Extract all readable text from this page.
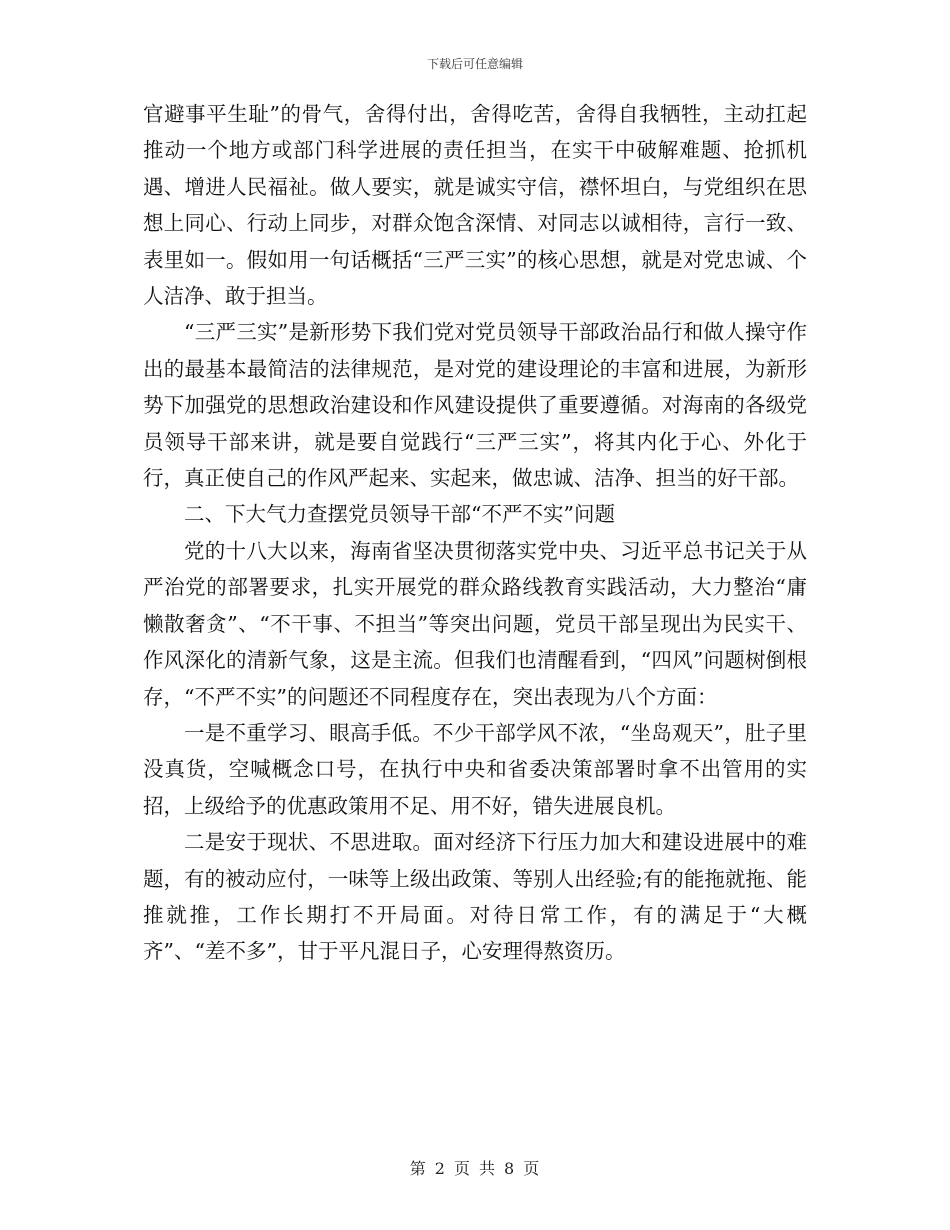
下载后可任意编辑

官避事平生耻”的骨气，舍得付出，舍得吃苦，舍得自我牺牲，主动扛起推动一个地方或部门科学进展的责任担当，在实干中破解难题、抢抓机遇、增进人民福祉。做人要实，就是诚实守信，襟怀坦白，与党组织在思想上同心、行动上同步，对群众饱含深情、对同志以诚相待，言行一致、表里如一。假如用一句话概括“三严三实”的核心思想，就是对党忠诚、个人洁净、敢于担当。

“三严三实”是新形势下我们党对党员领导干部政治品行和做人操守作出的最基本最简洁的法律规范，是对党的建设理论的丰富和进展，为新形势下加强党的思想政治建设和作风建设提供了重要遵循。对海南的各级党员领导干部来讲，就是要自觉践行“三严三实”，将其内化于心、外化于行，真正使自己的作风严起来、实起来，做忠诚、洁净、担当的好干部。

二、下大气力查摆党员领导干部“不严不实”问题

党的十八大以来，海南省坚决贯彻落实党中央、习近平总书记关于从严治党的部署要求，扎实开展党的群众路线教育实践活动，大力整治“庸懒散奢贪”、“不干事、不担当”等突出问题，党员干部呈现出为民实干、作风深化的清新气象，这是主流。但我们也清醒看到，“四风”问题树倒根存，“不严不实”的问题还不同程度存在，突出表现为八个方面：

一是不重学习、眼高手低。不少干部学风不浓，“坐岛观天”，肚子里没真货，空喊概念口号，在执行中央和省委决策部署时拿不出管用的实招，上级给予的优惠政策用不足、用不好，错失进展良机。

二是安于现状、不思进取。面对经济下行压力加大和建设进展中的难题，有的被动应付，一味等上级出政策、等别人出经验;有的能拖就拖、能推就推，工作长期打不开局面。对待日常工作，有的满足于“大概齐”、“差不多”，甘于平凡混日子，心安理得熬资历。

第 2 页 共 8 页
